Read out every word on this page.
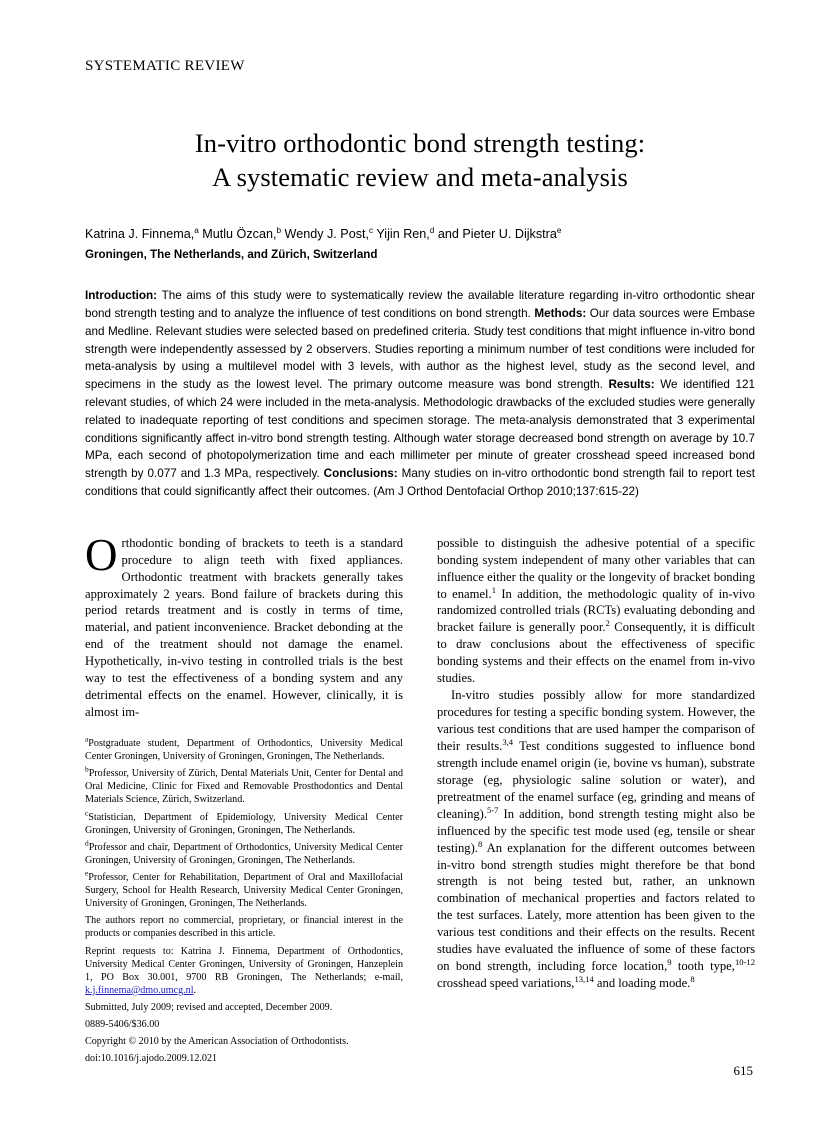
SYSTEMATIC REVIEW
In-vitro orthodontic bond strength testing:
A systematic review and meta-analysis
Katrina J. Finnema,$^a$ Mutlu Özcan,$^b$ Wendy J. Post,$^c$ Yijin Ren,$^d$ and Pieter U. Dijkstra$^e$
Groningen, The Netherlands, and Zürich, Switzerland
Introduction: The aims of this study were to systematically review the available literature regarding in-vitro orthodontic shear bond strength testing and to analyze the influence of test conditions on bond strength. Methods: Our data sources were Embase and Medline. Relevant studies were selected based on predefined criteria. Study test conditions that might influence in-vitro bond strength were independently assessed by 2 observers. Studies reporting a minimum number of test conditions were included for meta-analysis by using a multilevel model with 3 levels, with author as the highest level, study as the second level, and specimens in the study as the lowest level. The primary outcome measure was bond strength. Results: We identified 121 relevant studies, of which 24 were included in the meta-analysis. Methodologic drawbacks of the excluded studies were generally related to inadequate reporting of test conditions and specimen storage. The meta-analysis demonstrated that 3 experimental conditions significantly affect in-vitro bond strength testing. Although water storage decreased bond strength on average by 10.7 MPa, each second of photopolymerization time and each millimeter per minute of greater crosshead speed increased bond strength by 0.077 and 1.3 MPa, respectively. Conclusions: Many studies on in-vitro orthodontic bond strength fail to report test conditions that could significantly affect their outcomes. (Am J Orthod Dentofacial Orthop 2010;137:615-22)

Orthodontic bonding of brackets to teeth is a standard procedure to align teeth with fixed appliances. Orthodontic treatment with brackets generally takes approximately 2 years. Bond failure of brackets during this period retards treatment and is costly in terms of time, material, and patient inconvenience. Bracket debonding at the end of the treatment should not damage the enamel. Hypothetically, in-vivo testing in controlled trials is the best way to test the effectiveness of a bonding system and any detrimental effects on the enamel. However, clinically, it is almost im-

$^a$Postgraduate student, Department of Orthodontics, University Medical Center Groningen, University of Groningen, Groningen, The Netherlands.

$^b$Professor, University of Zürich, Dental Materials Unit, Center for Dental and Oral Medicine, Clinic for Fixed and Removable Prosthodontics and Dental Materials Science, Zürich, Switzerland.

$^c$Statistician, Department of Epidemiology, University Medical Center Groningen, University of Groningen, Groningen, The Netherlands.

$^d$Professor and chair, Department of Orthodontics, University Medical Center Groningen, University of Groningen, Groningen, The Netherlands.

$^e$Professor, Center for Rehabilitation, Department of Oral and Maxillofacial Surgery, School for Health Research, University Medical Center Groningen, University of Groningen, Groningen, The Netherlands.

The authors report no commercial, proprietary, or financial interest in the products or companies described in this article.

Reprint requests to: Katrina J. Finnema, Department of Orthodontics, University Medical Center Groningen, University of Groningen, Hanzeplein 1, PO Box 30.001, 9700 RB Groningen, The Netherlands; e-mail, k.j.finnema@dmo.umcg.nl.

Submitted, July 2009; revised and accepted, December 2009.

0889-5406/$36.00

Copyright © 2010 by the American Association of Orthodontists.

doi:10.1016/j.ajodo.2009.12.021

possible to distinguish the adhesive potential of a specific bonding system independent of many other variables that can influence either the quality or the longevity of bracket bonding to enamel.$^1$ In addition, the methodologic quality of in-vivo randomized controlled trials (RCTs) evaluating debonding and bracket failure is generally poor.$^2$ Consequently, it is difficult to draw conclusions about the effectiveness of specific bonding systems and their effects on the enamel from in-vivo studies.

In-vitro studies possibly allow for more standardized procedures for testing a specific bonding system. However, the various test conditions that are used hamper the comparison of their results.$^{3,4}$ Test conditions suggested to influence bond strength include enamel origin (ie, bovine vs human), substrate storage (eg, physiologic saline solution or water), and pretreatment of the enamel surface (eg, grinding and means of cleaning).$^{5-7}$ In addition, bond strength testing might also be influenced by the specific test mode used (eg, tensile or shear testing).$^8$ An explanation for the different outcomes between in-vitro bond strength studies might therefore be that bond strength is not being tested but, rather, an unknown combination of mechanical properties and factors related to the test surfaces. Lately, more attention has been given to the various test conditions and their effects on the results. Recent studies have evaluated the influence of some of these factors on bond strength, including force location,$^9$ tooth type,$^{10-12}$ crosshead speed variations,$^{13,14}$ and loading mode.$^8$

615
